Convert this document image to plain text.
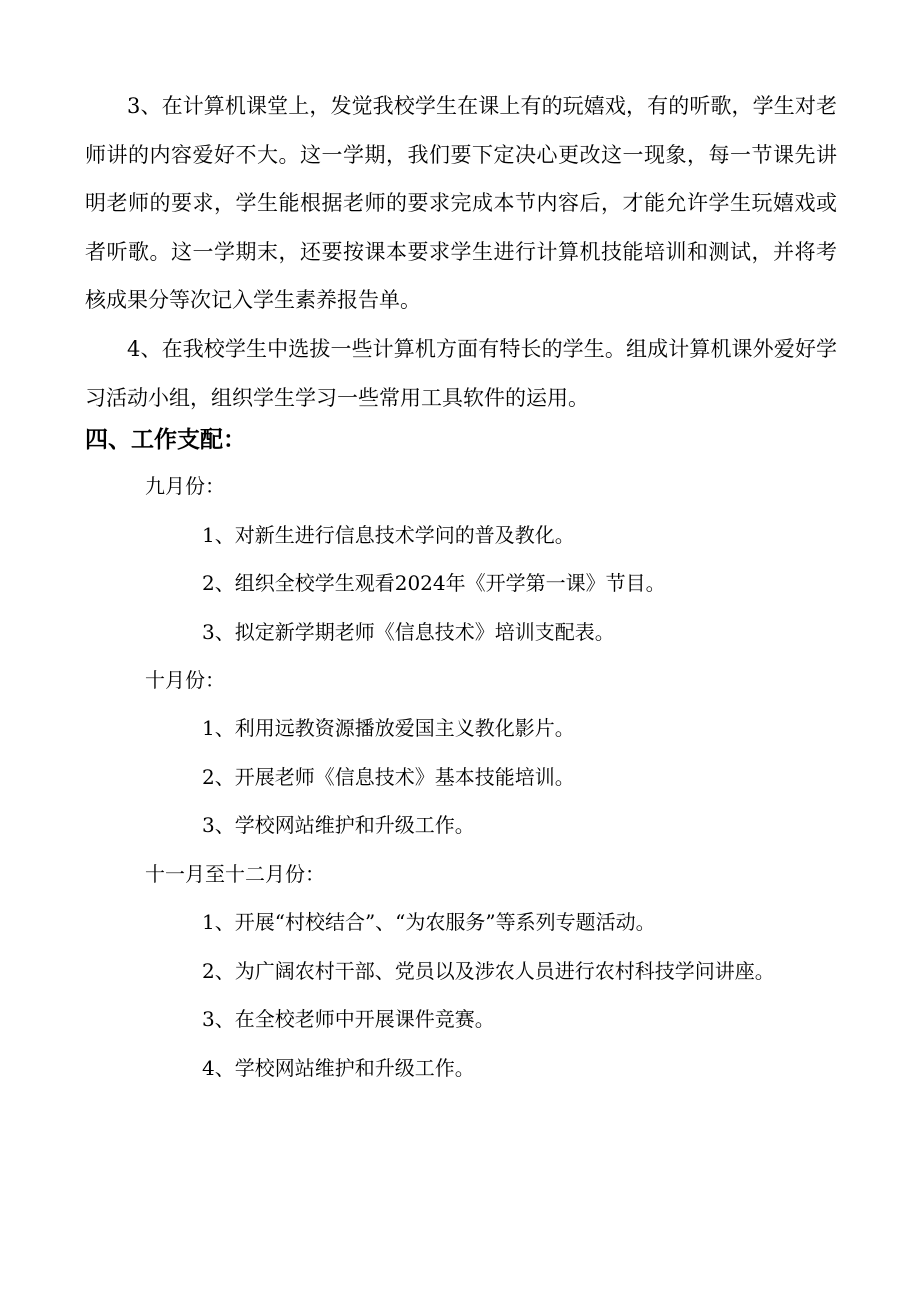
3、在计算机课堂上，发觉我校学生在课上有的玩嬉戏，有的听歌，学生对老师讲的内容爱好不大。这一学期，我们要下定决心更改这一现象，每一节课先讲明老师的要求，学生能根据老师的要求完成本节内容后，才能允许学生玩嬉戏或者听歌。这一学期末，还要按课本要求学生进行计算机技能培训和测试，并将考核成果分等次记入学生素养报告单。

4、在我校学生中选拔一些计算机方面有特长的学生。组成计算机课外爱好学习活动小组，组织学生学习一些常用工具软件的运用。

四、工作支配：

九月份：

1、对新生进行信息技术学问的普及教化。

2、组织全校学生观看2024年《开学第一课》节目。

3、拟定新学期老师《信息技术》培训支配表。

十月份：

1、利用远教资源播放爱国主义教化影片。

2、开展老师《信息技术》基本技能培训。

3、学校网站维护和升级工作。

十一月至十二月份：

1、开展“村校结合”、“为农服务”等系列专题活动。

2、为广阔农村干部、党员以及涉农人员进行农村科技学问讲座。

3、在全校老师中开展课件竞赛。

4、学校网站维护和升级工作。
